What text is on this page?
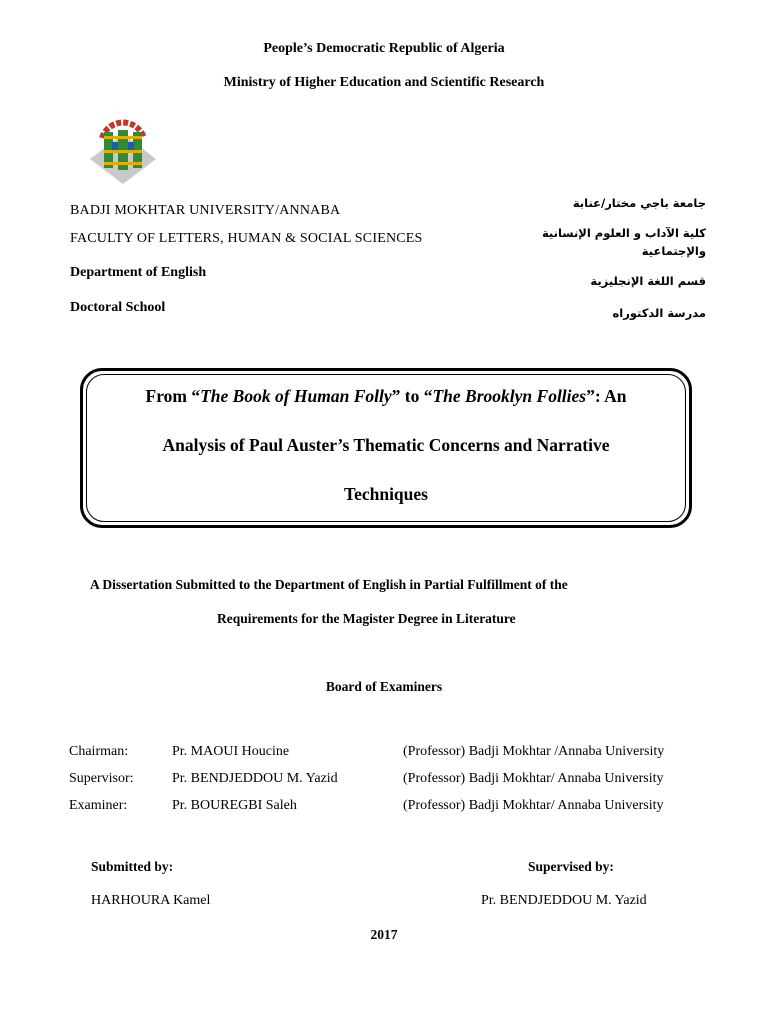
People’s Democratic Republic of Algeria
Ministry of Higher Education and Scientific Research
BADJI MOKHTAR UNIVERSITY/ANNABA
FACULTY OF LETTERS, HUMAN & SOCIAL SCIENCES
Department of English
Doctoral School
جامعة باجي مختار/عنابة
كلية الآداب و العلوم الإنسانية
والإجتماعية
قسم اللغة الإنجليزية
مدرسة الدكتوراه
From “The Book of Human Folly” to “The Brooklyn Follies”: An
Analysis of Paul Auster’s Thematic Concerns and Narrative
Techniques
A Dissertation Submitted to the Department of English in Partial Fulfillment of the
Requirements for the Magister Degree in Literature
Board of Examiners
Chairman:	Pr. MAOUI Houcine	(Professor) Badji Mokhtar /Annaba University
Supervisor:	Pr. BENDJEDDOU M. Yazid	(Professor) Badji Mokhtar/ Annaba University
Examiner:	Pr. BOUREGBI Saleh	(Professor) Badji Mokhtar/ Annaba University
Submitted by:
HARHOURA Kamel
Supervised by:
Pr. BENDJEDDOU M. Yazid
2017
